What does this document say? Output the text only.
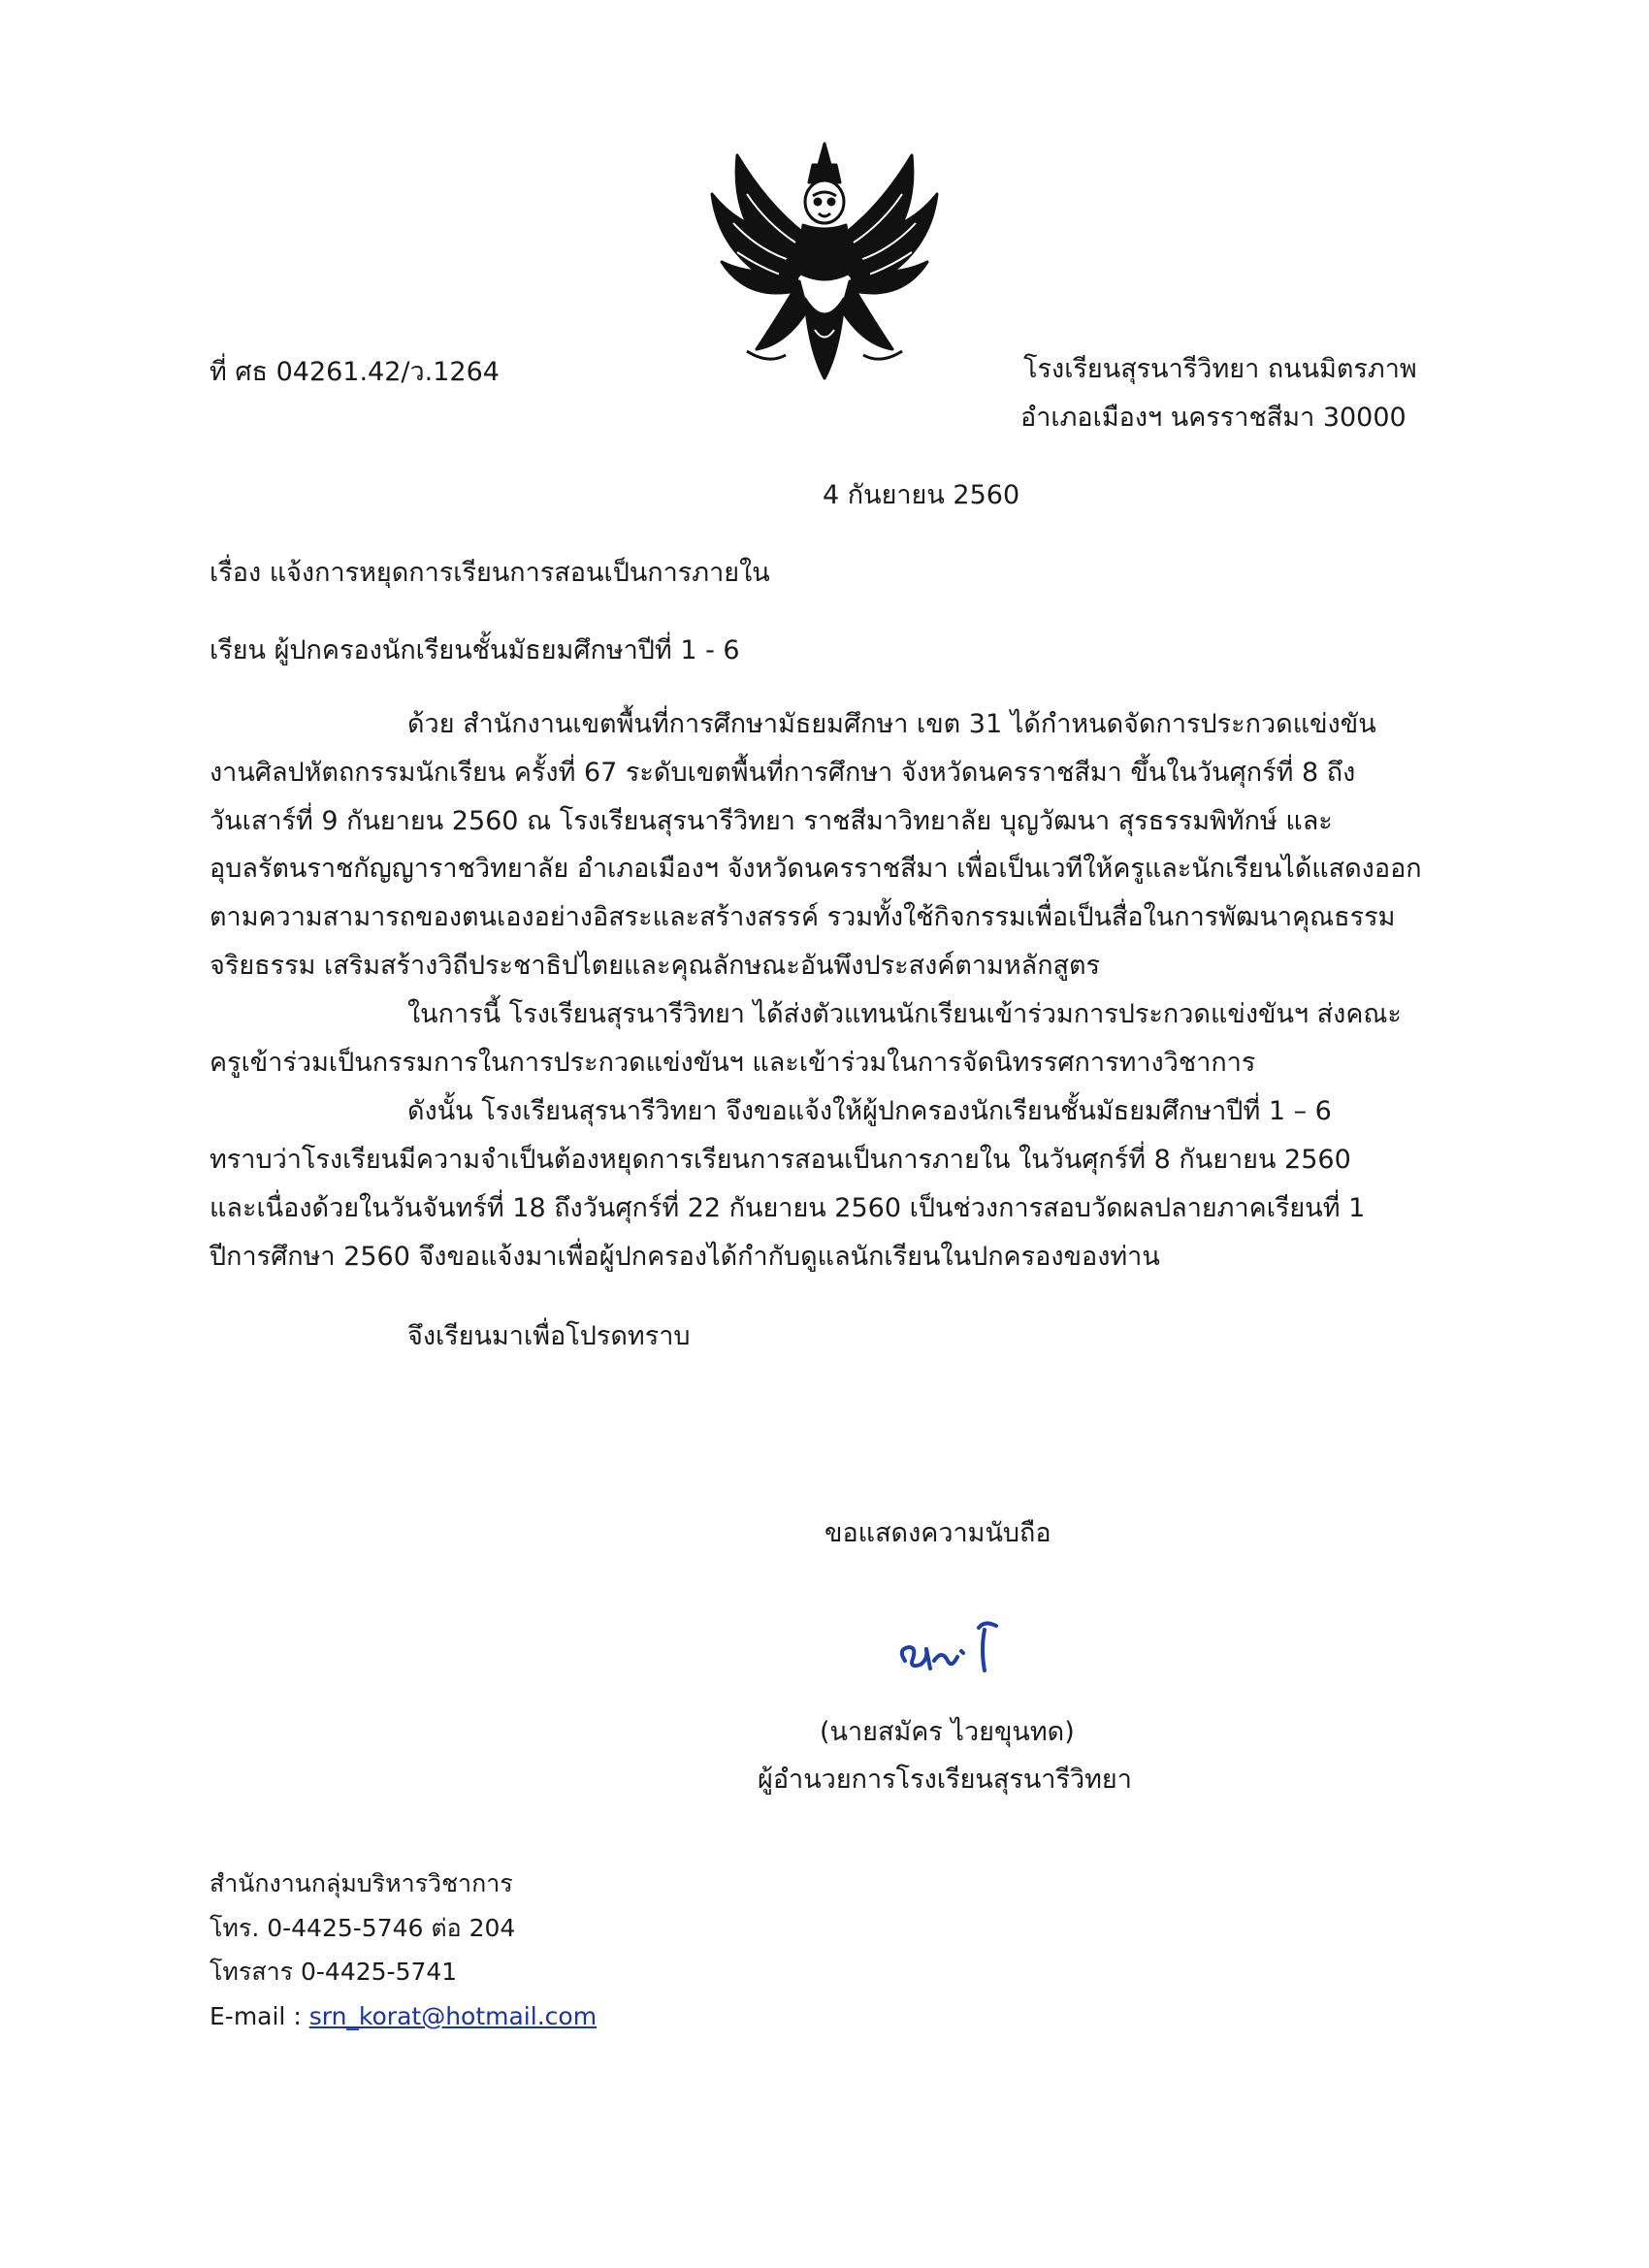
ที่ ศธ 04261.42/ว.1264	โรงเรียนสุรนารีวิทยา ถนนมิตรภาพ
อำเภอเมืองฯ นครราชสีมา 30000
4 กันยายน 2560
เรื่อง แจ้งการหยุดการเรียนการสอนเป็นการภายใน
เรียน ผู้ปกครองนักเรียนชั้นมัธยมศึกษาปีที่ 1 - 6
ด้วย สำนักงานเขตพื้นที่การศึกษามัธยมศึกษา เขต 31 ได้กำหนดจัดการประกวดแข่งขัน
งานศิลปหัตถกรรมนักเรียน ครั้งที่ 67 ระดับเขตพื้นที่การศึกษา จังหวัดนครราชสีมา ขึ้นในวันศุกร์ที่ 8 ถึง
วันเสาร์ที่ 9 กันยายน 2560 ณ โรงเรียนสุรนารีวิทยา ราชสีมาวิทยาลัย บุญวัฒนา สุรธรรมพิทักษ์ และ
อุบลรัตนราชกัญญาราชวิทยาลัย อำเภอเมืองฯ จังหวัดนครราชสีมา เพื่อเป็นเวทีให้ครูและนักเรียนได้แสดงออก
ตามความสามารถของตนเองอย่างอิสระและสร้างสรรค์ รวมทั้งใช้กิจกรรมเพื่อเป็นสื่อในการพัฒนาคุณธรรม
จริยธรรม เสริมสร้างวิถีประชาธิปไตยและคุณลักษณะอันพึงประสงค์ตามหลักสูตร
ในการนี้ โรงเรียนสุรนารีวิทยา ได้ส่งตัวแทนนักเรียนเข้าร่วมการประกวดแข่งขันฯ ส่งคณะ
ครูเข้าร่วมเป็นกรรมการในการประกวดแข่งขันฯ และเข้าร่วมในการจัดนิทรรศการทางวิชาการ
ดังนั้น โรงเรียนสุรนารีวิทยา จึงขอแจ้งให้ผู้ปกครองนักเรียนชั้นมัธยมศึกษาปีที่ 1 – 6
ทราบว่าโรงเรียนมีความจำเป็นต้องหยุดการเรียนการสอนเป็นการภายใน ในวันศุกร์ที่ 8 กันยายน 2560
และเนื่องด้วยในวันจันทร์ที่ 18 ถึงวันศุกร์ที่ 22 กันยายน 2560 เป็นช่วงการสอบวัดผลปลายภาคเรียนที่ 1
ปีการศึกษา 2560 จึงขอแจ้งมาเพื่อผู้ปกครองได้กำกับดูแลนักเรียนในปกครองของท่าน
จึงเรียนมาเพื่อโปรดทราบ
ขอแสดงความนับถือ
(นายสมัคร ไวยขุนทด)
ผู้อำนวยการโรงเรียนสุรนารีวิทยา
สำนักงานกลุ่มบริหารวิชาการ
โทร. 0-4425-5746 ต่อ 204
โทรสาร 0-4425-5741
E-mail : srn_korat@hotmail.com
